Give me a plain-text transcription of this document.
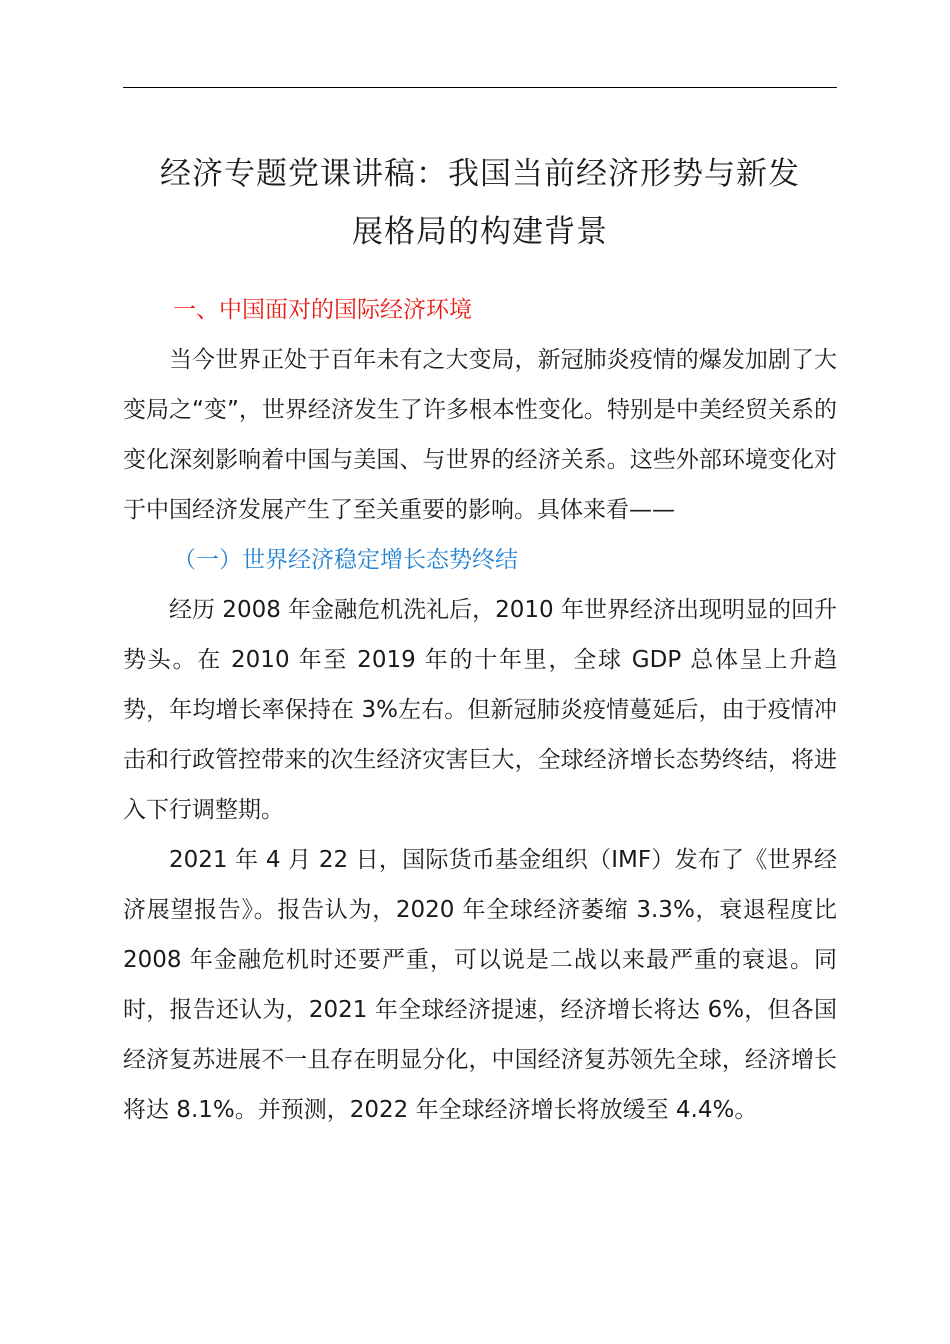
经济专题党课讲稿：我国当前经济形势与新发
展格局的构建背景
一、中国面对的国际经济环境

当今世界正处于百年未有之大变局，新冠肺炎疫情的爆发加剧了大变局之“变”，世界经济发生了许多根本性变化。特别是中美经贸关系的变化深刻影响着中国与美国、与世界的经济关系。这些外部环境变化对于中国经济发展产生了至关重要的影响。具体来看——

（一）世界经济稳定增长态势终结

经历 2008 年金融危机洗礼后，2010 年世界经济出现明显的回升势头。在 2010 年至 2019 年的十年里，全球 GDP 总体呈上升趋势，年均增长率保持在 3%左右。但新冠肺炎疫情蔓延后，由于疫情冲击和行政管控带来的次生经济灾害巨大，全球经济增长态势终结，将进入下行调整期。

2021 年 4 月 22 日，国际货币基金组织（IMF）发布了《世界经济展望报告》。报告认为，2020 年全球经济萎缩 3.3%，衰退程度比 2008 年金融危机时还要严重，可以说是二战以来最严重的衰退。同时，报告还认为，2021 年全球经济提速，经济增长将达 6%，但各国经济复苏进展不一且存在明显分化，中国经济复苏领先全球，经济增长将达 8.1%。并预测，2022 年全球经济增长将放缓至 4.4%。
